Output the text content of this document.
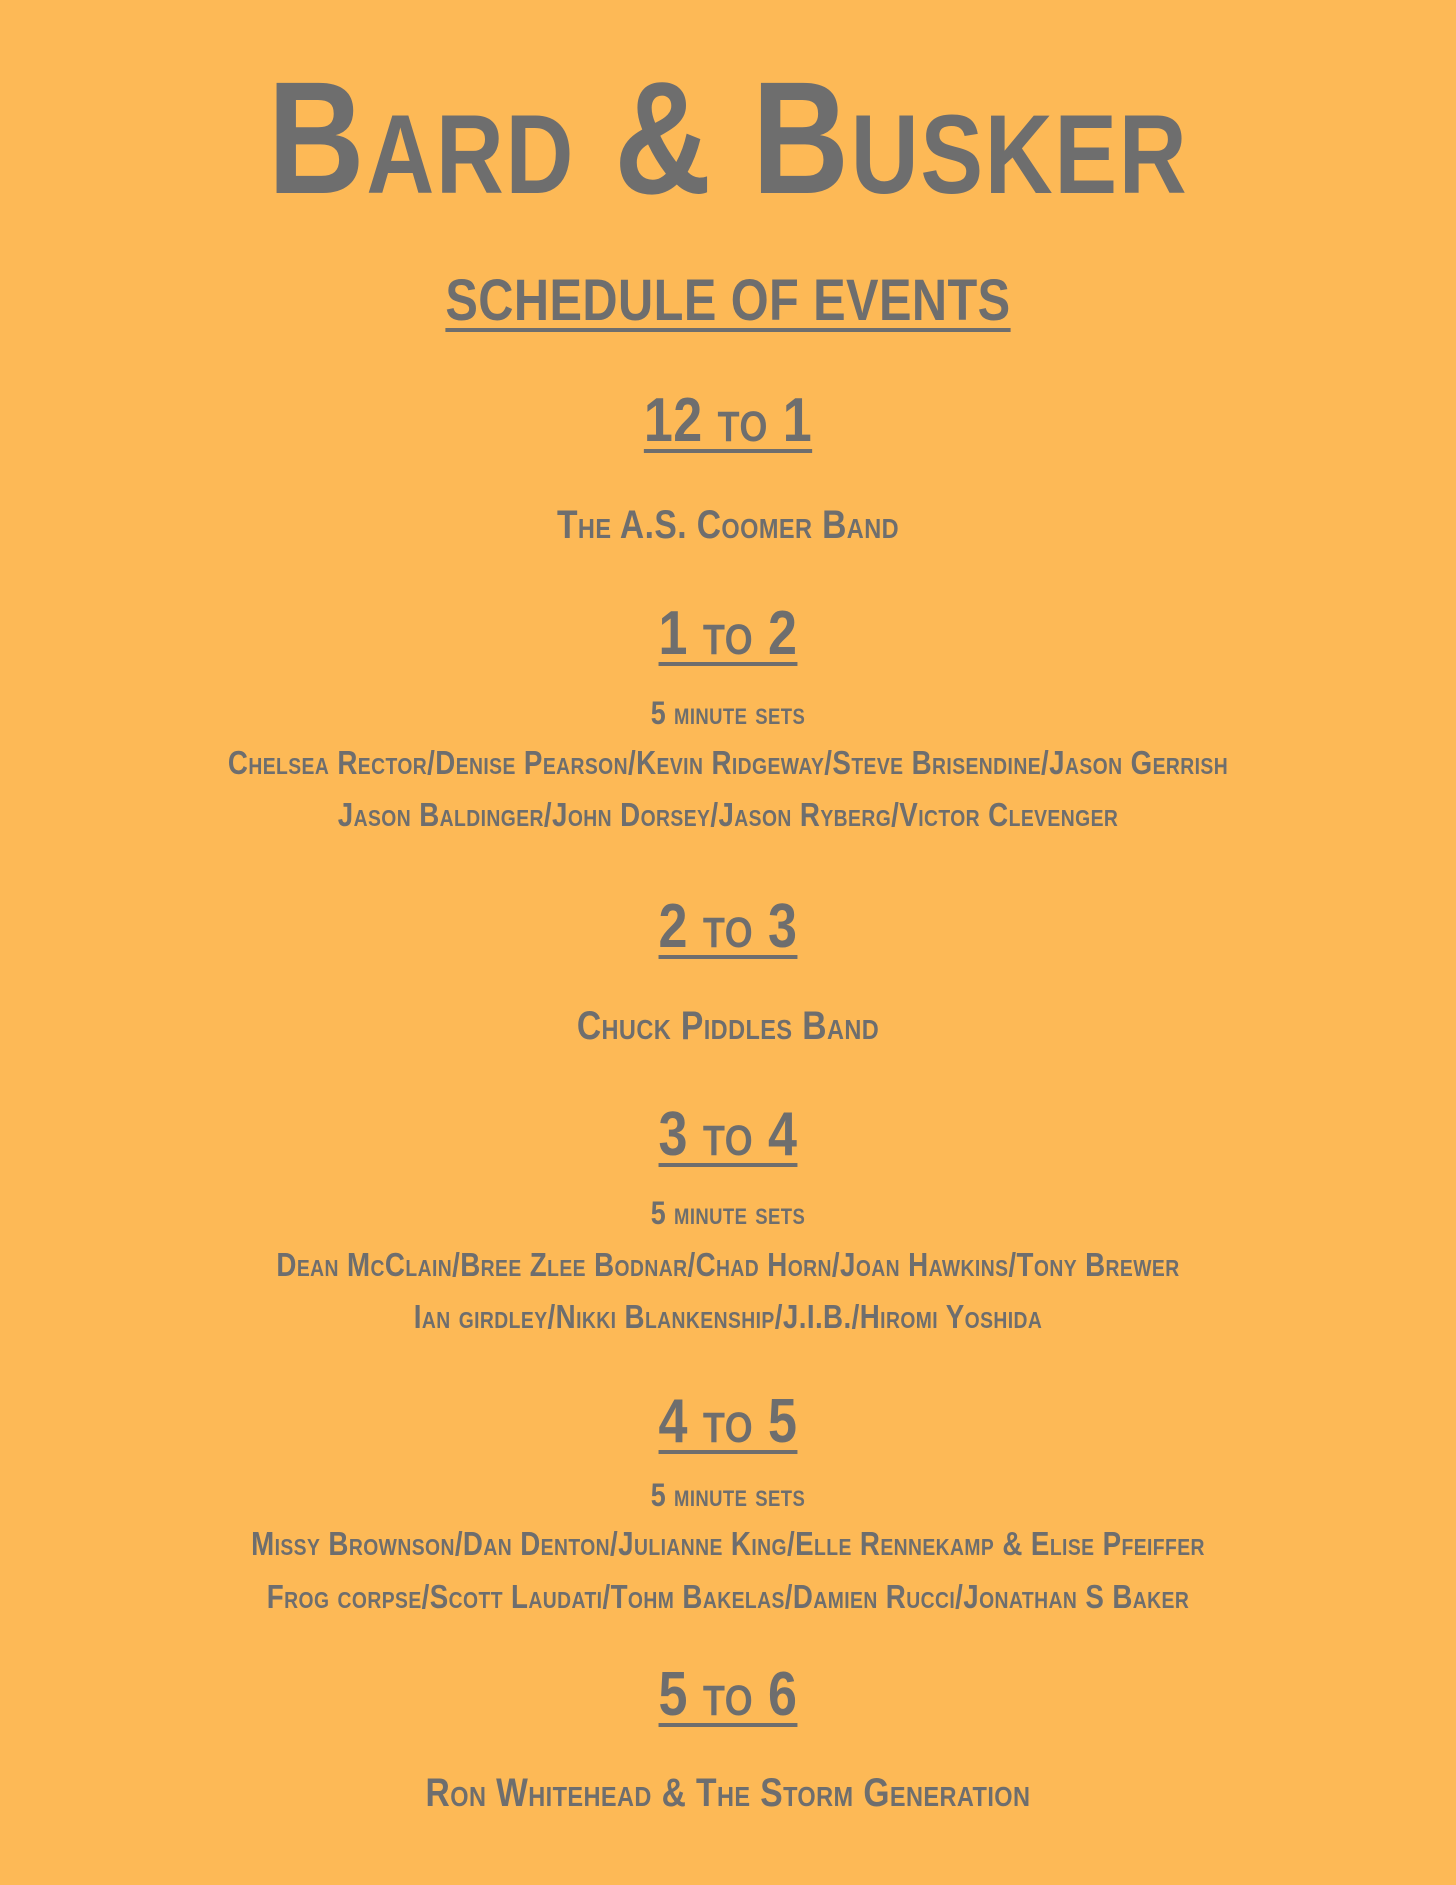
Bard & Busker
SCHEDULE OF EVENTS
12 to 1
The A.S. Coomer Band
1 to 2
5 minute sets
Chelsea Rector/Denise Pearson/Kevin Ridgeway/Steve Brisendine/Jason Gerrish
Jason Baldinger/John Dorsey/Jason Ryberg/Victor Clevenger
2 to 3
Chuck Piddles Band
3 to 4
5 minute sets
Dean McClain/Bree Zlee Bodnar/Chad Horn/Joan Hawkins/Tony Brewer
Ian girdley/Nikki Blankenship/J.I.B./Hiromi Yoshida
4 to 5
5 minute sets
Missy Brownson/Dan Denton/Julianne King/Elle Rennekamp & Elise Pfeiffer
Frog corpse/Scott Laudati/Tohm Bakelas/Damien Rucci/Jonathan S Baker
5 to 6
Ron Whitehead & The Storm Generation
